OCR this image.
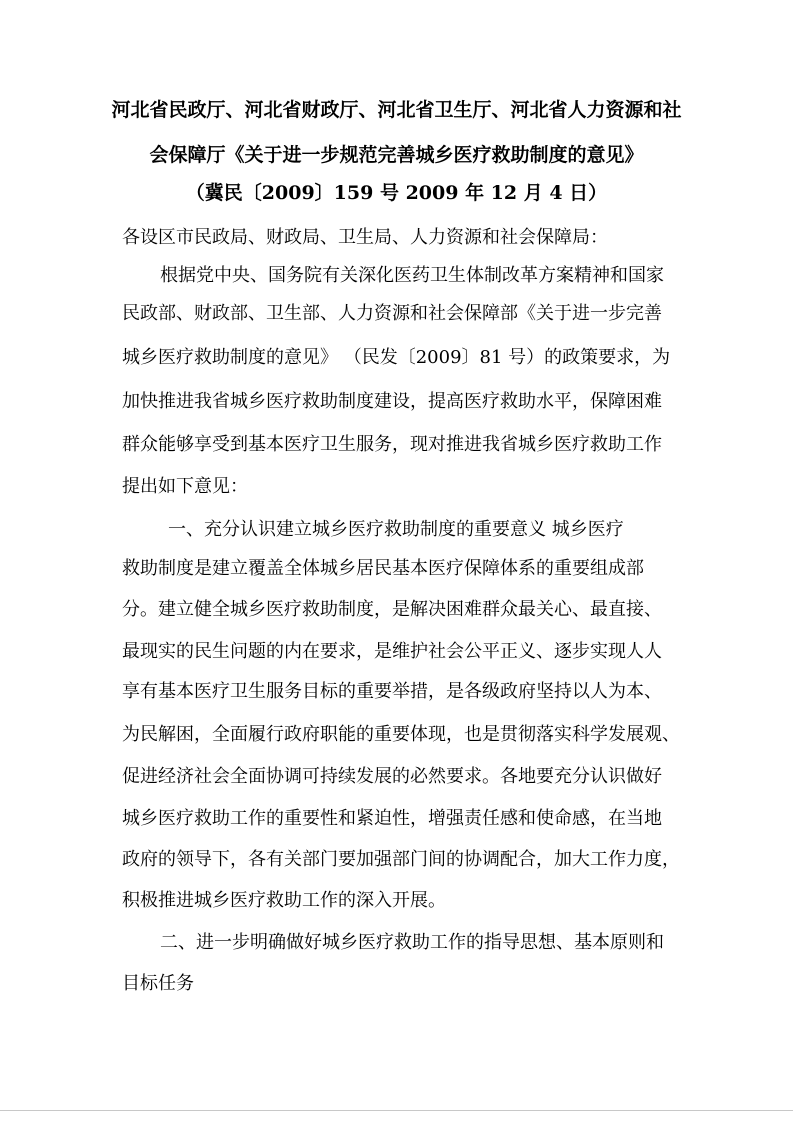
河北省民政厅、河北省财政厅、河北省卫生厅、河北省人力资源和社
会保障厅《关于进一步规范完善城乡医疗救助制度的意见》
（冀民〔2009〕159 号 2009 年 12 月 4 日）
各设区市民政局、财政局、卫生局、人力资源和社会保障局：
根据党中央、国务院有关深化医药卫生体制改革方案精神和国家
民政部、财政部、卫生部、人力资源和社会保障部《关于进一步完善
城乡医疗救助制度的意见》 （民发〔2009〕81 号）的政策要求，为
加快推进我省城乡医疗救助制度建设，提高医疗救助水平，保障困难
群众能够享受到基本医疗卫生服务，现对推进我省城乡医疗救助工作
提出如下意见：
一、充分认识建立城乡医疗救助制度的重要意义 城乡医疗
救助制度是建立覆盖全体城乡居民基本医疗保障体系的重要组成部
分。建立健全城乡医疗救助制度，是解决困难群众最关心、最直接、
最现实的民生问题的内在要求，是维护社会公平正义、逐步实现人人
享有基本医疗卫生服务目标的重要举措，是各级政府坚持以人为本、
为民解困，全面履行政府职能的重要体现，也是贯彻落实科学发展观、
促进经济社会全面协调可持续发展的必然要求。各地要充分认识做好
城乡医疗救助工作的重要性和紧迫性，增强责任感和使命感，在当地
政府的领导下，各有关部门要加强部门间的协调配合，加大工作力度，
积极推进城乡医疗救助工作的深入开展。
二、进一步明确做好城乡医疗救助工作的指导思想、基本原则和
目标任务
